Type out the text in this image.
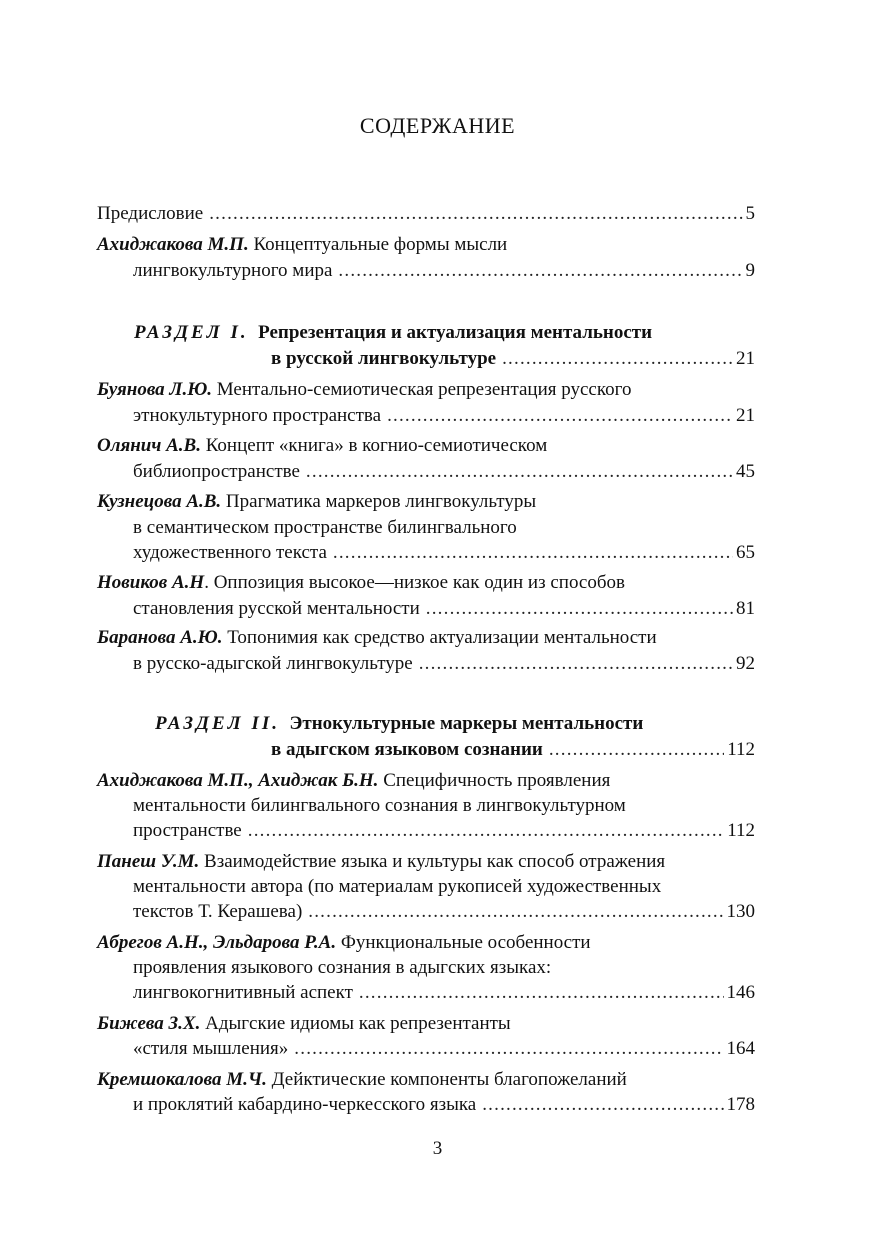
СОДЕРЖАНИЕ
Предисловие .....	5
Ахиджакова М.П. Концептуальные формы мысли
лингвокультурного мира .....	9
РАЗДЕЛ I. Репрезентация и актуализация ментальности
в русской лингвокультуре .....	21
Буянова Л.Ю. Ментально-семиотическая репрезентация русского
этнокультурного пространства .....	21
Олянич А.В. Концепт «книга» в когнио-семиотическом
библиопространстве .....	45
Кузнецова А.В. Прагматика маркеров лингвокультуры
в семантическом пространстве билингвального
художественного текста .....	65
Новиков А.Н. Оппозиция высокое—низкое как один из способов
становления русской ментальности .....	81
Баранова А.Ю. Топонимия как средство актуализации ментальности
в русско-адыгской лингвокультуре .....	92
РАЗДЕЛ II. Этнокультурные маркеры ментальности
в адыгском языковом сознании .....	112
Ахиджакова М.П., Ахиджак Б.Н. Специфичность проявления
ментальности билингвального сознания в лингвокультурном
пространстве .....	112
Панеш У.М. Взаимодействие языка и культуры как способ отражения
ментальности автора (по материалам рукописей художественных
текстов Т. Керашева) .....	130
Абрегов А.Н., Эльдарова Р.А. Функциональные особенности
проявления языкового сознания в адыгских языках:
лингвокогнитивный аспект .....	146
Бижева З.Х. Адыгские идиомы как репрезентанты
«стиля мышления» .....	164
Кремшокалова М.Ч. Дейктические компоненты благопожеланий
и проклятий кабардино-черкесского языка .....	178
3
